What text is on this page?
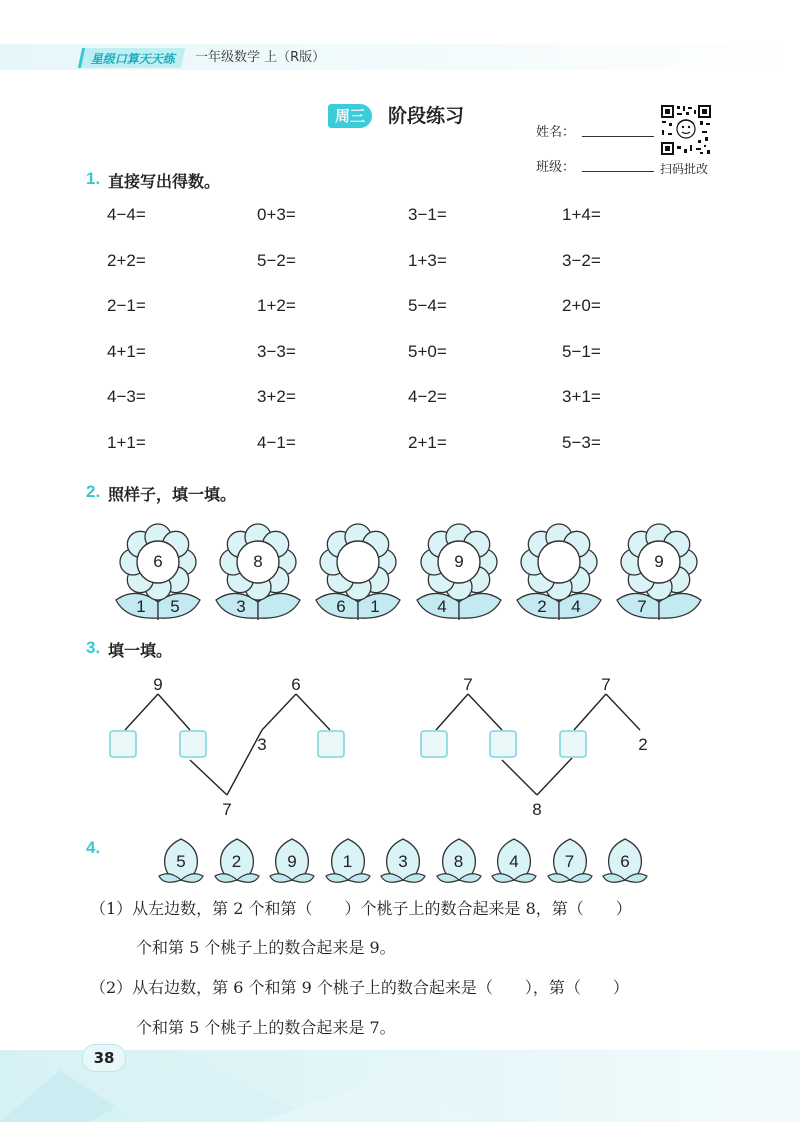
星级口算天天练	一年级数学 上（R版）
周三	阶段练习
姓名：
班级：	扫码批改
1. 直接写出得数。
4−4=	0+3=	3−1=	1+4=
2+2=	5−2=	1+3=	3−2=
2−1=	1+2=	5−4=	2+0=
4+1=	3−3=	5+0=	5−1=
4−3=	3+2=	4−2=	3+1=
1+1=	4−1=	2+1=	5−3=
2. 照样子，填一填。
6
1	5
8
3	6	1
9
4	2	4
9
7
3. 填一填。
9	6
3
7
7	7
2
8
4.
5	2	9	1	3	8	4	7	6
（1）从左边数，第 2 个和第（　　）个桃子上的数合起来是 8，第（　　）
个和第 5 个桃子上的数合起来是 9。
（2）从右边数，第 6 个和第 9 个桃子上的数合起来是（　　），第（　　）
个和第 5 个桃子上的数合起来是 7。
38
